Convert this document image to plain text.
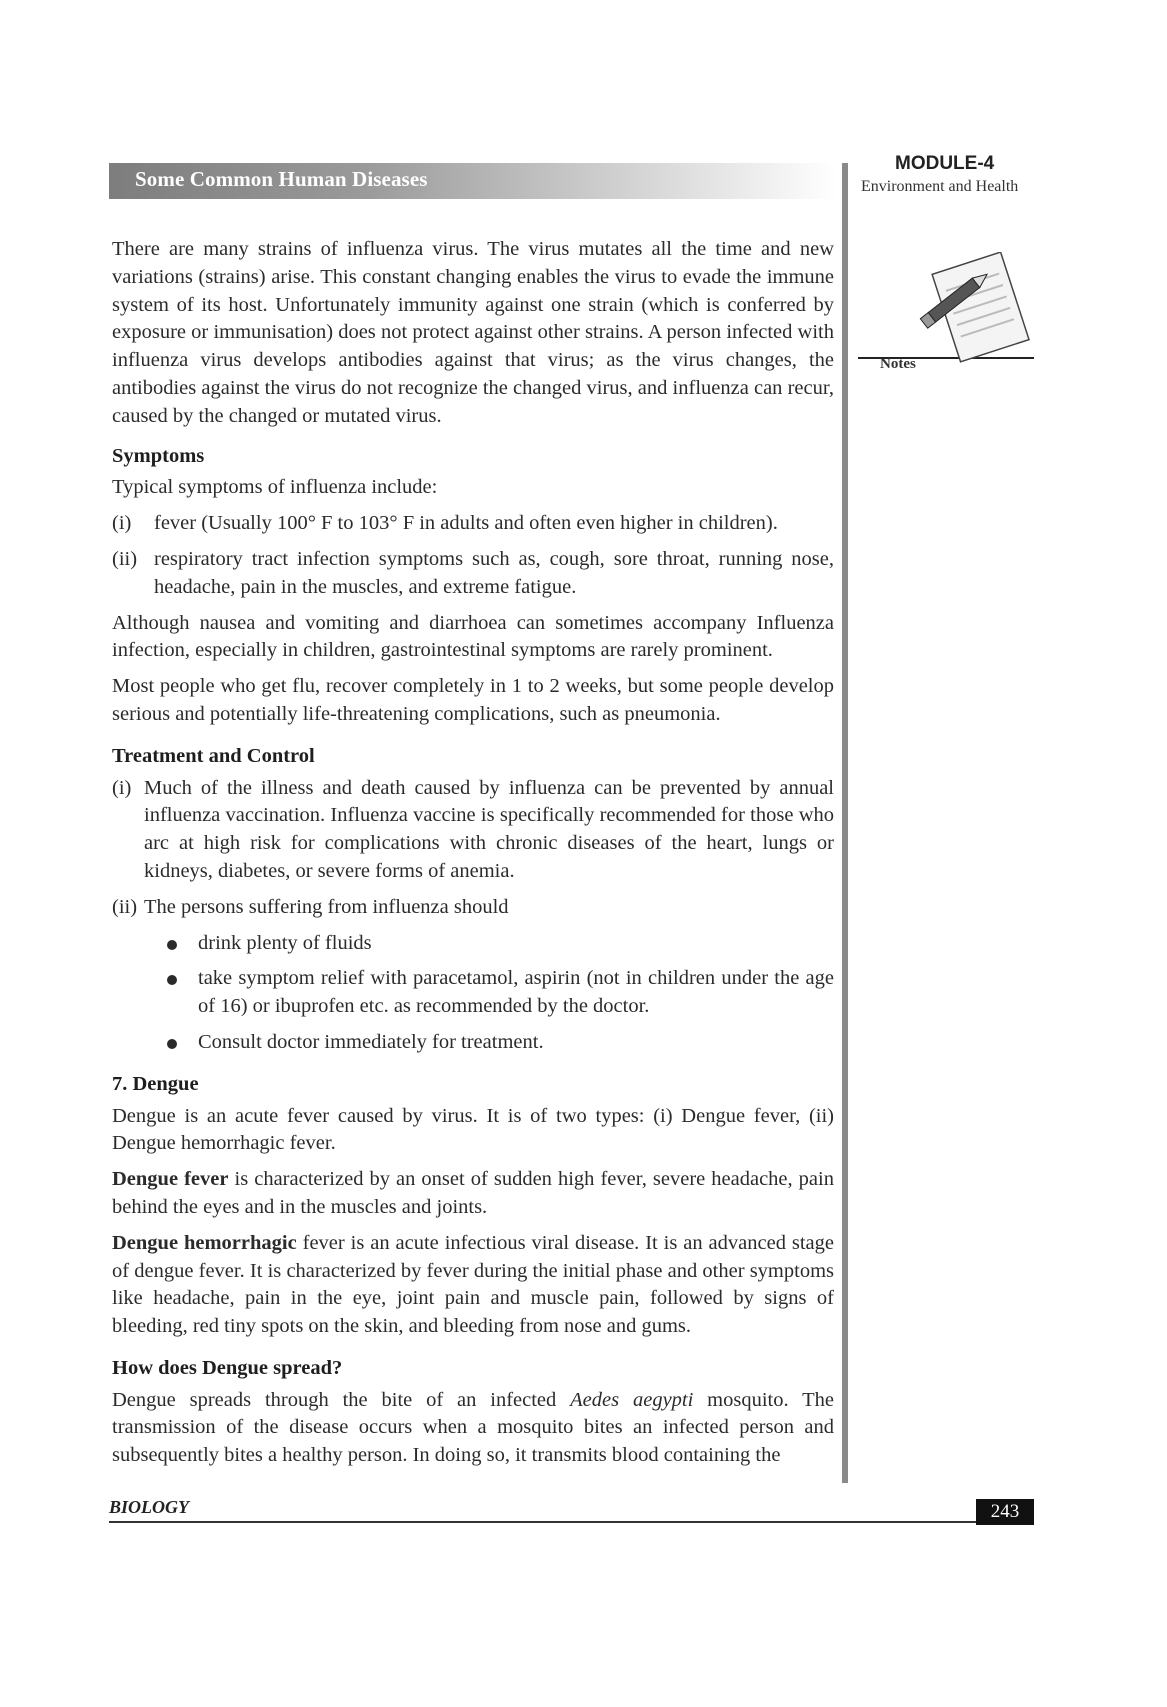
Some Common Human Diseases
MODULE-4
Environment and Health
Notes

There are many strains of influenza virus. The virus mutates all the time and new variations (strains) arise. This constant changing enables the virus to evade the immune system of its host. Unfortunately immunity against one strain (which is conferred by exposure or immunisation) does not protect against other strains. A person infected with influenza virus develops antibodies against that virus; as the virus changes, the antibodies against the virus do not recognize the changed virus, and influenza can recur, caused by the changed or mutated virus.

Symptoms

Typical symptoms of influenza include:

(i) fever (Usually 100° F to 103° F in adults and often even higher in children).
(ii) respiratory tract infection symptoms such as, cough, sore throat, running nose, headache, pain in the muscles, and extreme fatigue.

Although nausea and vomiting and diarrhoea can sometimes accompany Influenza infection, especially in children, gastrointestinal symptoms are rarely prominent.

Most people who get flu, recover completely in 1 to 2 weeks, but some people develop serious and potentially life-threatening complications, such as pneumonia.

Treatment and Control
(i) Much of the illness and death caused by influenza can be prevented by annual influenza vaccination. Influenza vaccine is specifically recommended for those who arc at high risk for complications with chronic diseases of the heart, lungs or kidneys, diabetes, or severe forms of anemia.
(ii) The persons suffering from influenza should
drink plenty of fluids
take symptom relief with paracetamol, aspirin (not in children under the age of 16) or ibuprofen etc. as recommended by the doctor.
Consult doctor immediately for treatment.
7. Dengue

Dengue is an acute fever caused by virus. It is of two types: (i) Dengue fever, (ii) Dengue hemorrhagic fever.

Dengue fever is characterized by an onset of sudden high fever, severe headache, pain behind the eyes and in the muscles and joints.

Dengue hemorrhagic fever is an acute infectious viral disease. It is an advanced stage of dengue fever. It is characterized by fever during the initial phase and other symptoms like headache, pain in the eye, joint pain and muscle pain, followed by signs of bleeding, red tiny spots on the skin, and bleeding from nose and gums.

How does Dengue spread?

Dengue spreads through the bite of an infected Aedes aegypti mosquito. The transmission of the disease occurs when a mosquito bites an infected person and subsequently bites a healthy person. In doing so, it transmits blood containing the

BIOLOGY	243
